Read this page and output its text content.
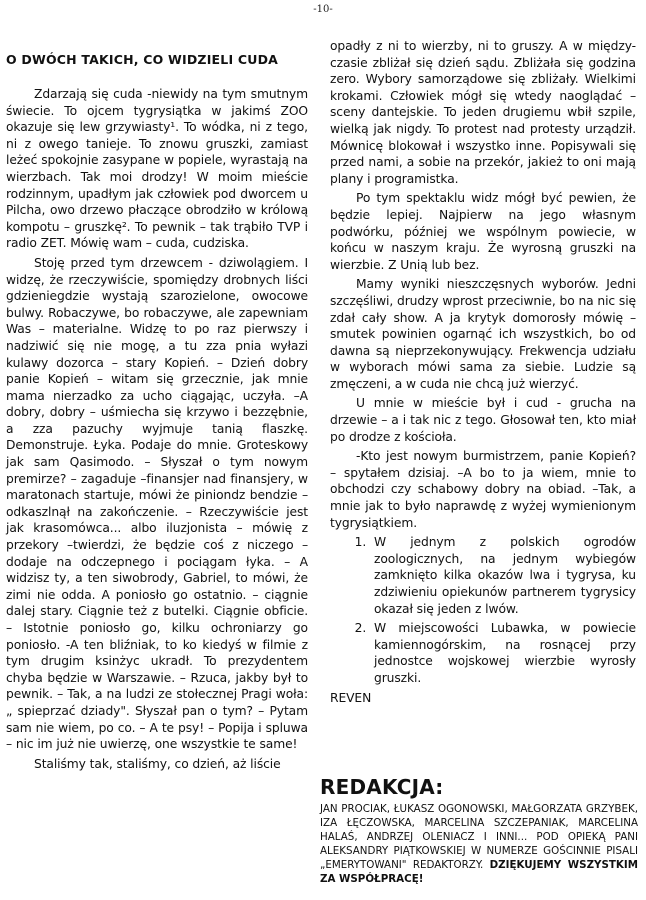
-10-
O DWÓCH TAKICH, CO WIDZIELI CUDA

Zdarzają się cuda -niewidy na tym smutnym świecie. To ojcem tygrysiątka w jakimś ZOO okazuje się lew grzywiasty¹. To wódka, ni z tego, ni z owego tanieje. To znowu gruszki, zamiast leżeć spokojnie zasypane w popiele, wyrastają na wierzbach. Tak moi drodzy! W moim mieście rodzinnym, upadłym jak człowiek pod dworcem u Pilcha, owo drzewo płaczące obrodziło w królową kompotu – gruszkę². To pewnik – tak trąbiło TVP i radio ZET. Mówię wam – cuda, cudziska.

Stoję przed tym drzewcem - dziwolągiem. I widzę, że rzeczywiście, spomiędzy drobnych liści gdzieniegdzie wystają szarozielone, owocowe bulwy. Robaczywe, bo robaczywe, ale zapewniam Was – materialne. Widzę to po raz pierwszy i nadziwić się nie mogę, a tu zza pnia wyłazi kulawy dozorca – stary Kopień. – Dzień dobry panie Kopień – witam się grzecznie, jak mnie mama nierzadko za ucho ciągając, uczyła. –A dobry, dobry – uśmiecha się krzywo i bezzębnie, a zza pazuchy wyjmuje tanią flaszkę. Demonstruje. Łyka. Podaje do mnie. Groteskowy jak sam Qasimodo. – Słyszał o tym nowym premirze? – zagaduje –finansjer nad finansjery, w maratonach startuje, mówi że piniondz bendzie – odkaszlnął na zakończenie. – Rzeczywiście jest jak krasomówca... albo iluzjonista – mówię z przekory –twierdzi, że będzie coś z niczego – dodaje na odczepnego i pociągam łyka. – A widzisz ty, a ten siwobrody, Gabriel, to mówi, że zimi nie odda. A poniosło go ostatnio. – ciągnie dalej stary. Ciągnie też z butelki. Ciągnie obficie. – Istotnie poniosło go, kilku ochroniarzy go poniosło. -A ten bliźniak, to ko kiedyś w filmie z tym drugim ksinżyc ukradł. To prezydentem chyba będzie w Warszawie. – Rzuca, jakby był to pewnik. – Tak, a na ludzi ze stołecznej Pragi woła: „ spieprzać dziady". Słyszał pan o tym? – Pytam sam nie wiem, po co. – A te psy! – Popija i spluwa – nic im już nie uwierzę, one wszystkie te same!

Staliśmy tak, staliśmy, co dzień, aż liście

opadły z ni to wierzby, ni to gruszy. A w między- czasie zbliżał się dzień sądu. Zbliżała się godzina zero. Wybory samorządowe się zbliżały. Wielkimi krokami. Człowiek mógł się wtedy naoglądać – sceny dantejskie. To jeden drugiemu wbił szpile, wielką jak nigdy. To protest nad protesty urządził. Mównicę blokował i wszystko inne. Popisywali się przed nami, a sobie na przekór, jakież to oni mają plany i programistka.

Po tym spektaklu widz mógł być pewien, że będzie lepiej. Najpierw na jego własnym podwórku, później we wspólnym powiecie, w końcu w naszym kraju. Że wyrosną gruszki na wierzbie. Z Unią lub bez.

Mamy wyniki nieszczęsnych wyborów. Jedni szczęśliwi, drudzy wprost przeciwnie, bo na nic się zdał cały show. A ja krytyk domorosły mówię – smutek powinien ogarnąć ich wszystkich, bo od dawna są nieprzekonywujący. Frekwencja udziału w wyborach mówi sama za siebie. Ludzie są zmęczeni, a w cuda nie chcą już wierzyć.

U mnie w mieście był i cud - grucha na drzewie – a i tak nic z tego. Głosował ten, kto miał po drodze z kościoła.

-Kto jest nowym burmistrzem, panie Kopień? – spytałem dzisiaj. –A bo to ja wiem, mnie to obchodzi czy schabowy dobry na obiad. –Tak, a mnie jak to było naprawdę z wyżej wymienionym tygrysiątkiem.

1. W jednym z polskich ogrodów zoologicznych, na jednym wybiegów zamknięto kilka okazów lwa i tygrysa, ku zdziwieniu opiekunów partnerem tygrysicy okazał się jeden z lwów.
2. W miejscowości Lubawka, w powiecie kamiennogórskim, na rosnącej przy jednostce wojskowej wierzbie wyrosły gruszki.

REVEN

REDAKCJA:
JAN PROCIAK, ŁUKASZ OGONOWSKI, MAŁGORZATA GRZYBEK, IZA ŁĘCZOWSKA, MARCELINA SZCZEPANIAK, MARCELINA HALAŚ, ANDRZEJ OLENIACZ I INNI... POD OPIEKĄ PANI ALEKSANDRY PIĄTKOWSKIEJ W NUMERZE GOŚCINNIE PISALI „EMERYTOWANI" REDAKTORZY. DZIĘKUJEMY WSZYSTKIM ZA WSPÓŁPRACĘ!
